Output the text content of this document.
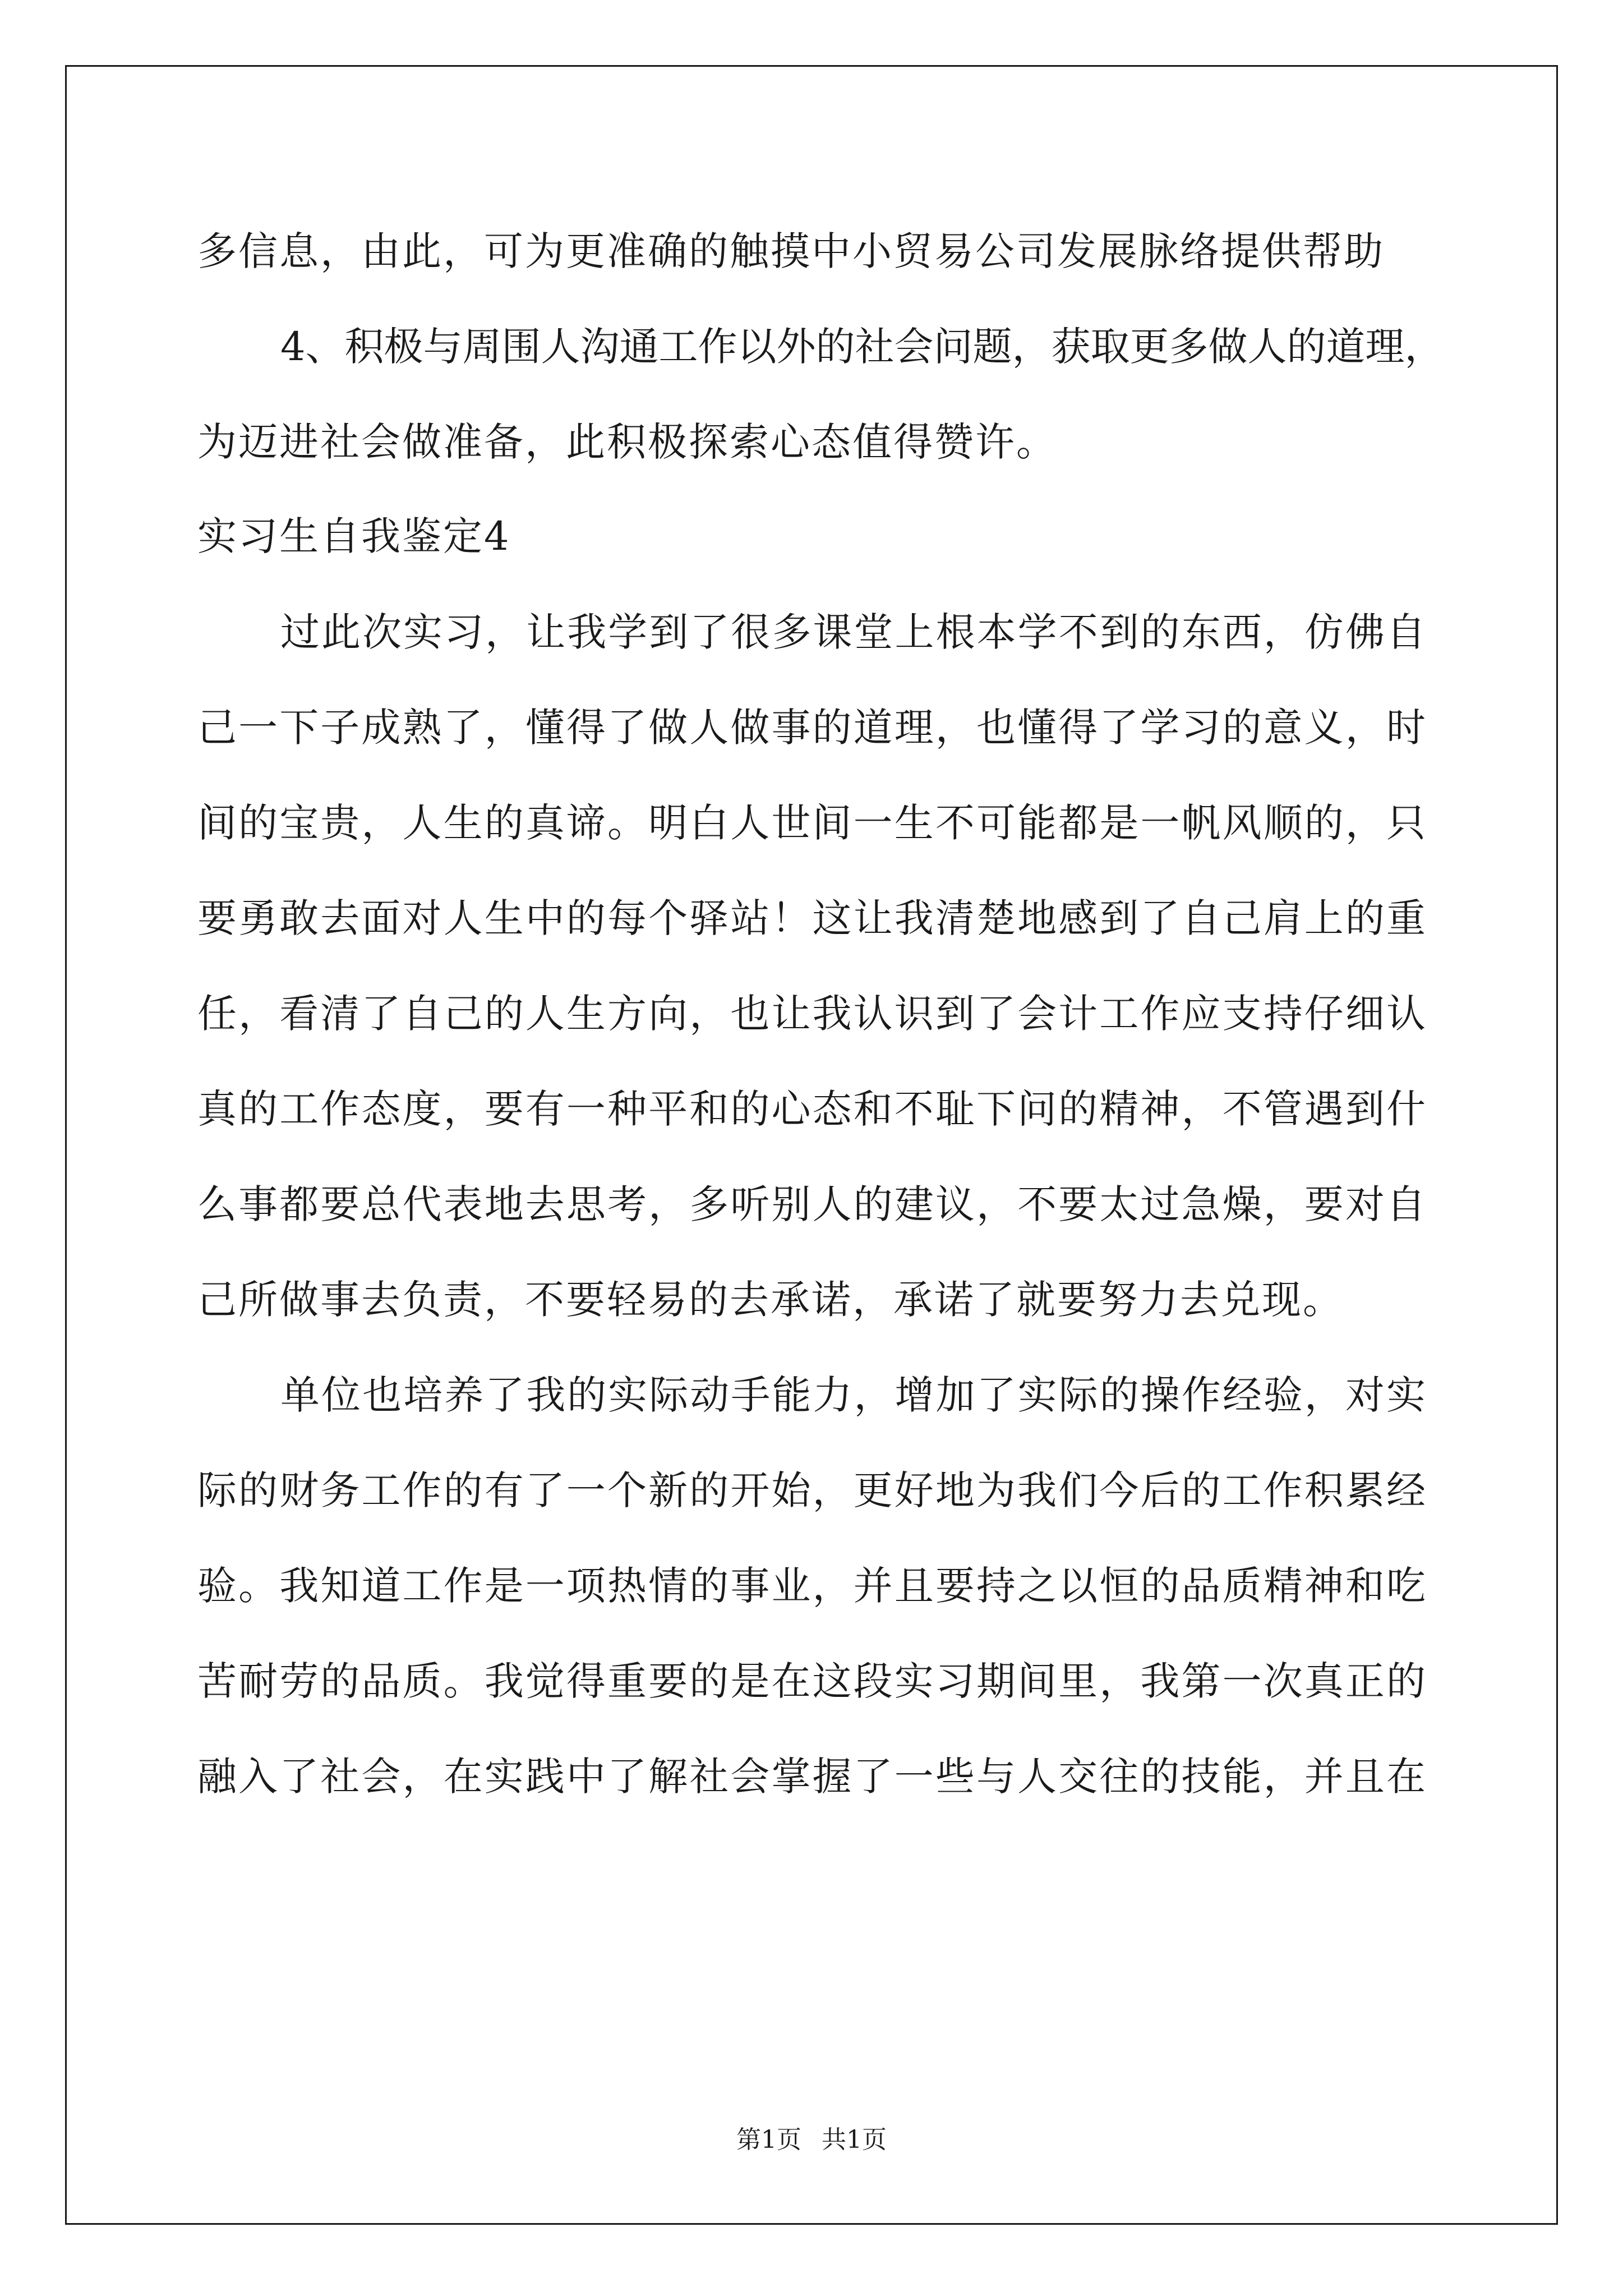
多信息，由此，可为更准确的触摸中小贸易公司发展脉络提供帮助

4、积极与周围人沟通工作以外的社会问题，获取更多做人的道理，

为迈进社会做准备，此积极探索心态值得赞许。

实习生自我鉴定4

过此次实习，让我学到了很多课堂上根本学不到的东西，仿佛自

己一下子成熟了，懂得了做人做事的道理，也懂得了学习的意义，时

间的宝贵，人生的真谛。明白人世间一生不可能都是一帆风顺的，只

要勇敢去面对人生中的每个驿站！这让我清楚地感到了自己肩上的重

任，看清了自己的人生方向，也让我认识到了会计工作应支持仔细认

真的工作态度，要有一种平和的心态和不耻下问的精神，不管遇到什

么事都要总代表地去思考，多听别人的建议，不要太过急燥，要对自

己所做事去负责，不要轻易的去承诺，承诺了就要努力去兑现。

单位也培养了我的实际动手能力，增加了实际的操作经验，对实

际的财务工作的有了一个新的开始，更好地为我们今后的工作积累经

验。我知道工作是一项热情的事业，并且要持之以恒的品质精神和吃

苦耐劳的品质。我觉得重要的是在这段实习期间里，我第一次真正的

融入了社会，在实践中了解社会掌握了一些与人交往的技能，并且在

第1页 共1页
